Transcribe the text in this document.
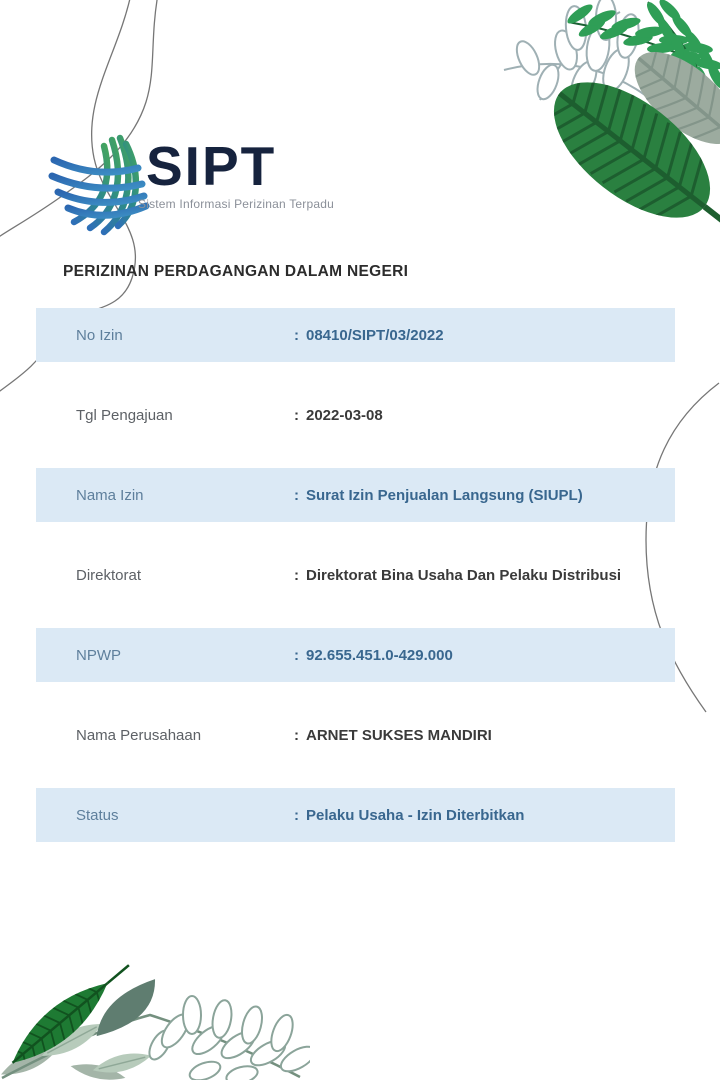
SIPT
Sistem Informasi Perizinan Terpadu
PERIZINAN PERDAGANGAN DALAM NEGERI
No Izin	: 08410/SIPT/03/2022
Tgl Pengajuan	: 2022-03-08
Nama Izin	: Surat Izin Penjualan Langsung (SIUPL)
Direktorat	: Direktorat Bina Usaha Dan Pelaku Distribusi
NPWP	: 92.655.451.0-429.000
Nama Perusahaan	: ARNET SUKSES MANDIRI
Status	: Pelaku Usaha - Izin Diterbitkan
